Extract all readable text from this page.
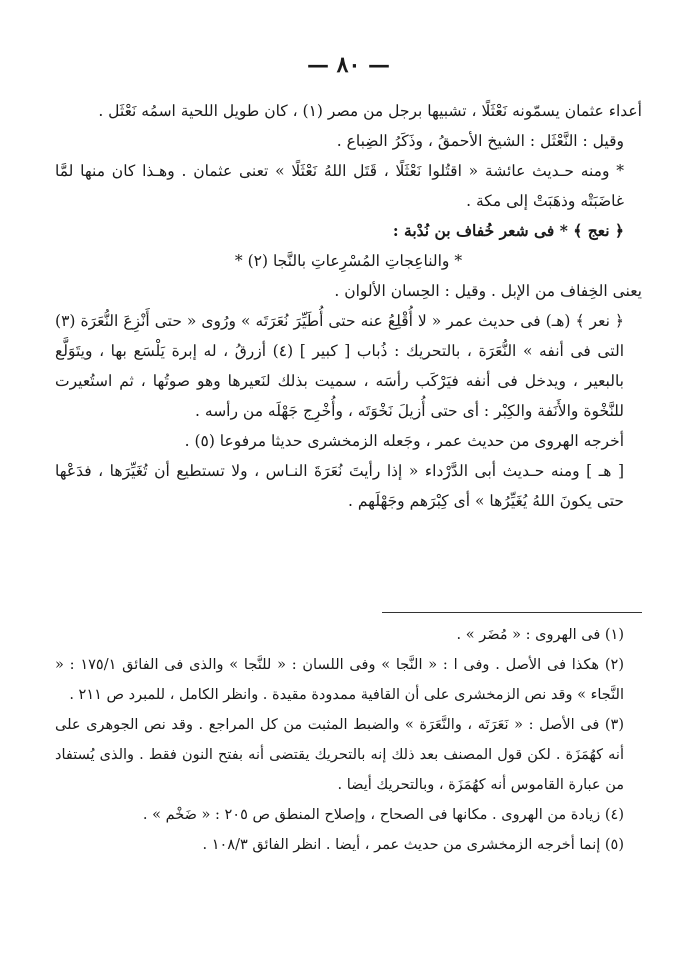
— ٨٠ —

أعداء عثمان يسمّونه نَعْثَلًا ، تشبيها برجل من مصر (١) ، كان طويل اللحية اسمُه نَعْثَل .

وقيل : النَّعْثَل : الشيخ الأحمقُ ، وذَكَرُ الضِباع .

* ومنه حـديث عائشة « اقتُلوا نَعْثَلًا ، قَتَل اللهُ نَعْثَلًا » تعنى عثمان . وهـذا كان منها لمَّا غاضَبَتْه وذهَبَتْ إلى مكة .

﴿ نعج ﴾ * فى شعر خُفاف بن نُدْبة :

* والناعِجاتِ المُسْرِعاتِ بالنَّجا (٢) *

يعنى الخِفاف من الإبل . وقيل : الحِسان الألوان .

﴿ نعر ﴾ (هـ) فى حديث عمر « لا أُقْلِعُ عنه حتى أُطَيِّرَ نُعَرَتَه » ورُوى « حتى أَنْزِعَ النُّعَرَة (٣) التى فى أنفه » النُّعَرَة ، بالتحريك : ذُباب [ كبير ] (٤) أزرقُ ، له إبرة يَلْسَع بها ، ويتَوَلَّع بالبعير ، ويدخل فى أنفه فيَرْكَب رأسَه ، سميت بذلك لنَعيرها وهو صوتُها ، ثم استُعيرت للنَّخْوة والأَنَفة والكِبْر : أى حتى أُزيلَ نَخْوَتَه ، وأُخْرِج جَهْلَه من رأسه .

أخرجه الهروى من حديث عمر ، وجَعله الزمخشرى حديثا مرفوعا (٥) .

[ هـ ] ومنه حـديث أبى الدَّرْداء « إذا رأيتَ نُعَرَةَ النـاس ، ولا تستطيع أن تُغَيِّرَها ، فدَعْها حتى يكونَ اللهُ يُغَيِّرُها » أى كِبْرَهم وجَهْلَهم .

(١) فى الهروى : « مُضَر » .

(٢) هكذا فى الأصل . وفى ا : « النَّجا » وفى اللسان : « للنَّجا » والذى فى الفائق ١٧٥/١ : « النَّجاء » وقد نص الزمخشرى على أن القافية ممدودة مقيدة . وانظر الكامل ، للمبرد ص ٢١١ .

(٣) فى الأصل : « نَعَرَتَه ، والنَّعَرَة » والضبط المثبت من كل المراجع . وقد نص الجوهرى على أنه كهُمَزَة . لكن قول المصنف بعد ذلك إنه بالتحريك يقتضى أنه بفتح النون فقط . والذى يُستفاد من عبارة القاموس أنه كهُمَزَة ، وبالتحريك أيضا .

(٤) زيادة من الهروى . مكانها فى الصحاح ، وإصلاح المنطق ص ٢٠٥ : « ضَخْم » .

(٥) إنما أخرجه الزمخشرى من حديث عمر ، أيضا . انظر الفائق ١٠٨/٣ .
